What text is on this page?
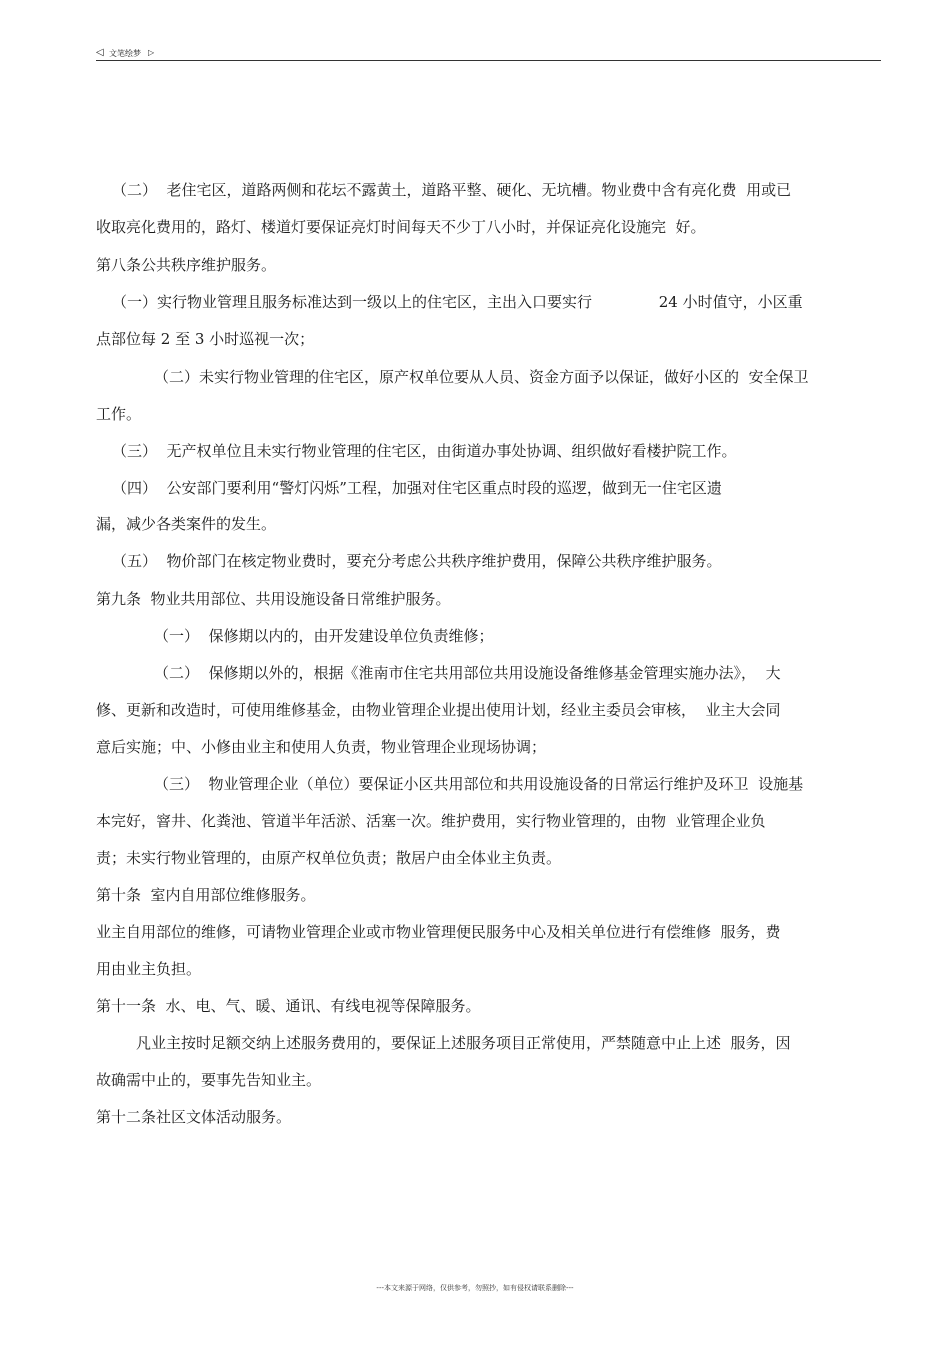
◁ 文笔绘梦 ▷
（二）  老住宅区，道路两侧和花坛不露黄土，道路平整、硬化、无坑槽。物业费中含有亮化费  用或已
收取亮化费用的，路灯、楼道灯要保证亮灯时间每天不少丁八小时，并保证亮化设施完  好。
第八条公共秩序维护服务。
（一）实行物业管理且服务标准达到一级以上的住宅区，主出入口要实行              24 小时值守，小区重
点部位每 2 至 3 小时巡视一次；
（二）未实行物业管理的住宅区，原产权单位要从人员、资金方面予以保证，做好小区的  安全保卫
工作。
（三）  无产权单位且未实行物业管理的住宅区，由街道办事处协调、组织做好看楼护院工作。
（四）  公安部门要利用“警灯闪烁”工程，加强对住宅区重点时段的巡逻，做到无一住宅区遗
漏，减少各类案件的发生。
（五）  物价部门在核定物业费时，要充分考虑公共秩序维护费用，保障公共秩序维护服务。
第九条  物业共用部位、共用设施设备日常维护服务。
（一）  保修期以内的，由开发建设单位负责维修；
（二）  保修期以外的，根据《淮南市住宅共用部位共用设施设备维修基金管理实施办法》，  大
修、更新和改造时，可使用维修基金，由物业管理企业提出使用计划，经业主委员会审核，  业主大会同
意后实施；中、小修由业主和使用人负责，物业管理企业现场协调；
（三）  物业管理企业（单位）要保证小区共用部位和共用设施设备的日常运行维护及环卫  设施基
本完好，窨井、化粪池、管道半年活淤、活塞一次。维护费用，实行物业管理的，由物  业管理企业负
责；未实行物业管理的，由原产权单位负责；散居户由全体业主负责。
第十条  室内自用部位维修服务。
业主自用部位的维修，可请物业管理企业或市物业管理便民服务中心及相关单位进行有偿维修  服务，费
用由业主负担。
第十一条  水、电、气、暖、通讯、有线电视等保障服务。
凡业主按时足额交纳上述服务费用的，要保证上述服务项目正常使用，严禁随意中止上述  服务，因
故确需中止的，要事先告知业主。
第十二条社区文体活动服务。
---本文来源于网络，仅供参考，勿照抄，如有侵权请联系删除---
